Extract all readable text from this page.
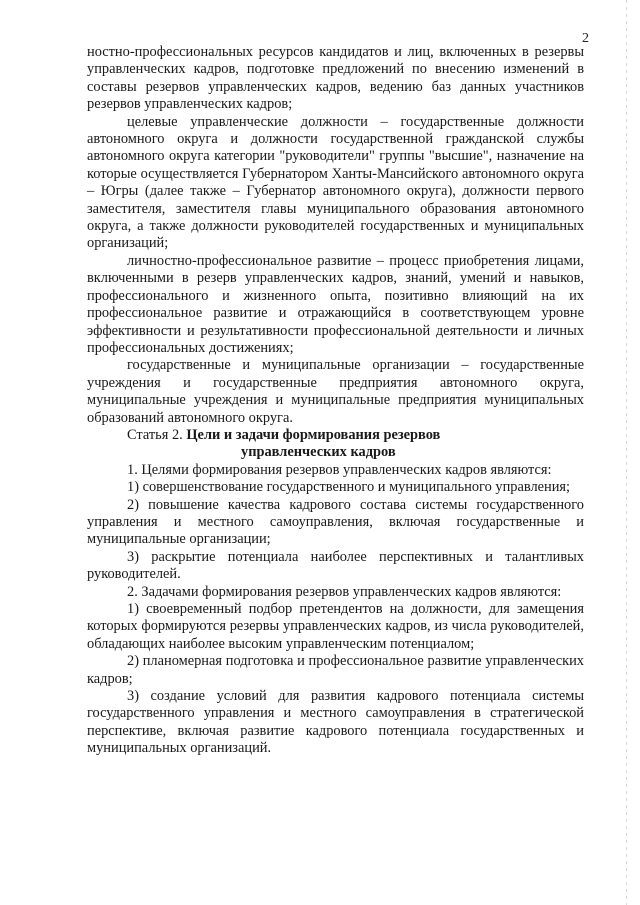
2

ностно-профессиональных ресурсов кандидатов и лиц, включенных в резервы управленческих кадров, подготовке предложений по внесению изменений в составы резервов управленческих кадров, ведению баз данных участников резервов управленческих кадров;

целевые управленческие должности – государственные должности автономного округа и должности государственной гражданской службы автономного округа категории "руководители" группы "высшие", назначение на которые осуществляется Губернатором Ханты-Мансийского автономного округа – Югры (далее также – Губернатор автономного округа), должности первого заместителя, заместителя главы муниципального образования автономного округа, а также должности руководителей государственных и муниципальных организаций;

личностно-профессиональное развитие – процесс приобретения лицами, включенными в резерв управленческих кадров, знаний, умений и навыков, профессионального и жизненного опыта, позитивно влияющий на их профессиональное развитие и отражающийся в соответствующем уровне эффективности и результативности профессиональной деятельности и личных профессиональных достижениях;

государственные и муниципальные организации – государственные учреждения и государственные предприятия автономного округа, муниципальные учреждения и муниципальные предприятия муниципальных образований автономного округа.

Статья 2. Цели и задачи формирования резервов
управленческих кадров

1. Целями формирования резервов управленческих кадров являются:

1) совершенствование государственного и муниципального управления;

2) повышение качества кадрового состава системы государственного управления и местного самоуправления, включая государственные и муниципальные организации;

3) раскрытие потенциала наиболее перспективных и талантливых руководителей.

2. Задачами формирования резервов управленческих кадров являются:

1) своевременный подбор претендентов на должности, для замещения которых формируются резервы управленческих кадров, из числа руководителей, обладающих наиболее высоким управленческим потенциалом;

2) планомерная подготовка и профессиональное развитие управленческих кадров;

3) создание условий для развития кадрового потенциала системы государственного управления и местного самоуправления в стратегической перспективе, включая развитие кадрового потенциала государственных и муниципальных организаций.
